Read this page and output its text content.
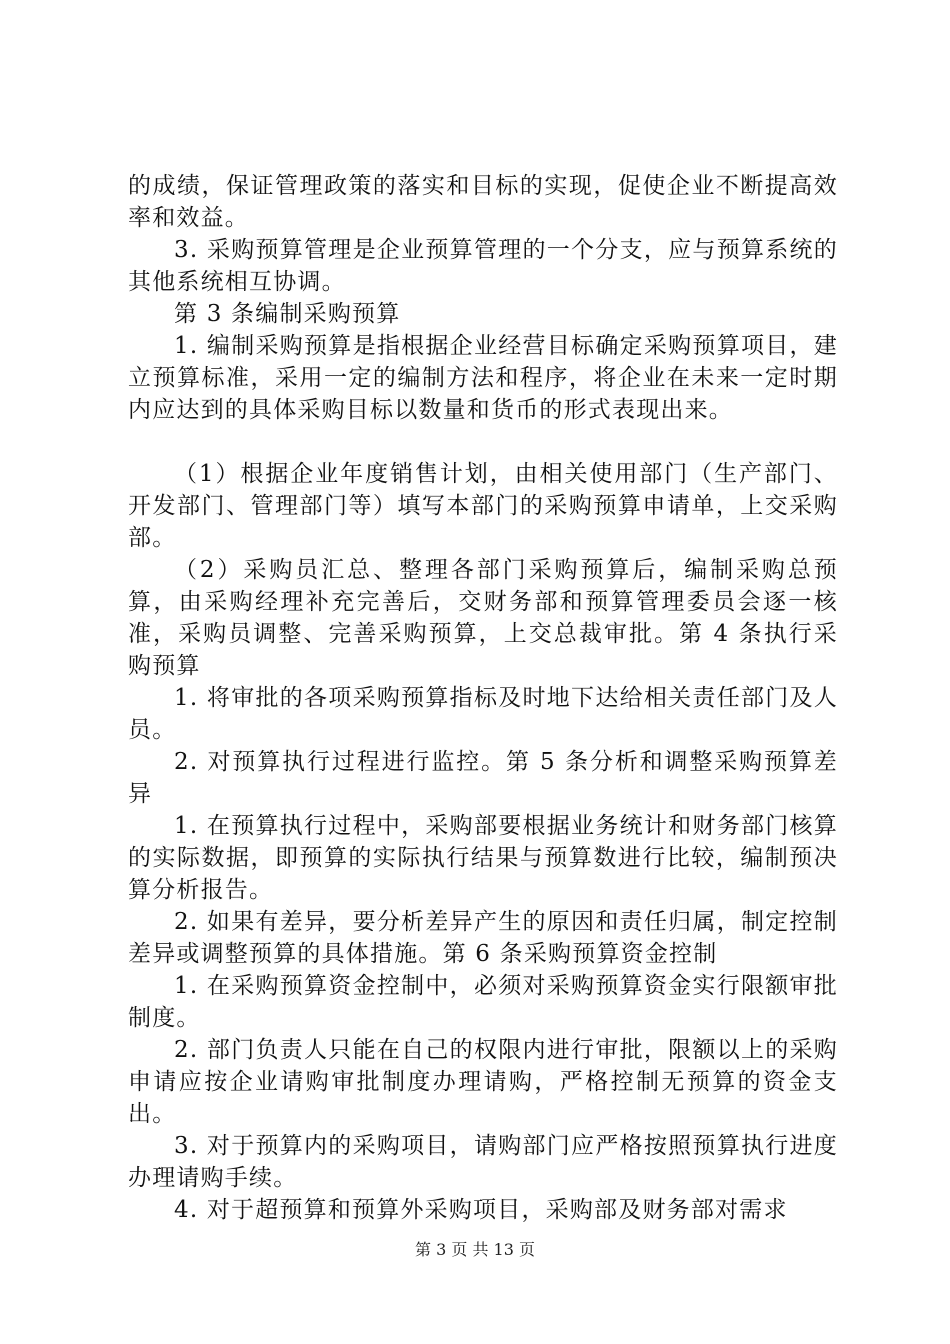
的成绩，保证管理政策的落实和目标的实现，促使企业不断提高效率和效益。

3. 采购预算管理是企业预算管理的一个分支，应与预算系统的其他系统相互协调。

第 3 条编制采购预算

1. 编制采购预算是指根据企业经营目标确定采购预算项目，建立预算标准，采用一定的编制方法和程序，将企业在未来一定时期内应达到的具体采购目标以数量和货币的形式表现出来。

（1）根据企业年度销售计划，由相关使用部门（生产部门、开发部门、管理部门等）填写本部门的采购预算申请单，上交采购部。

（2）采购员汇总、整理各部门采购预算后，编制采购总预算，由采购经理补充完善后，交财务部和预算管理委员会逐一核准，采购员调整、完善采购预算，上交总裁审批。第 4 条执行采购预算

1. 将审批的各项采购预算指标及时地下达给相关责任部门及人员。

2. 对预算执行过程进行监控。第 5 条分析和调整采购预算差异

1. 在预算执行过程中，采购部要根据业务统计和财务部门核算的实际数据，即预算的实际执行结果与预算数进行比较，编制预决算分析报告。

2. 如果有差异，要分析差异产生的原因和责任归属，制定控制差异或调整预算的具体措施。第 6 条采购预算资金控制

1. 在采购预算资金控制中，必须对采购预算资金实行限额审批制度。

2. 部门负责人只能在自己的权限内进行审批，限额以上的采购申请应按企业请购审批制度办理请购，严格控制无预算的资金支出。

3. 对于预算内的采购项目，请购部门应严格按照预算执行进度办理请购手续。

4. 对于超预算和预算外采购项目，采购部及财务部对需求

第 3 页 共 13 页
